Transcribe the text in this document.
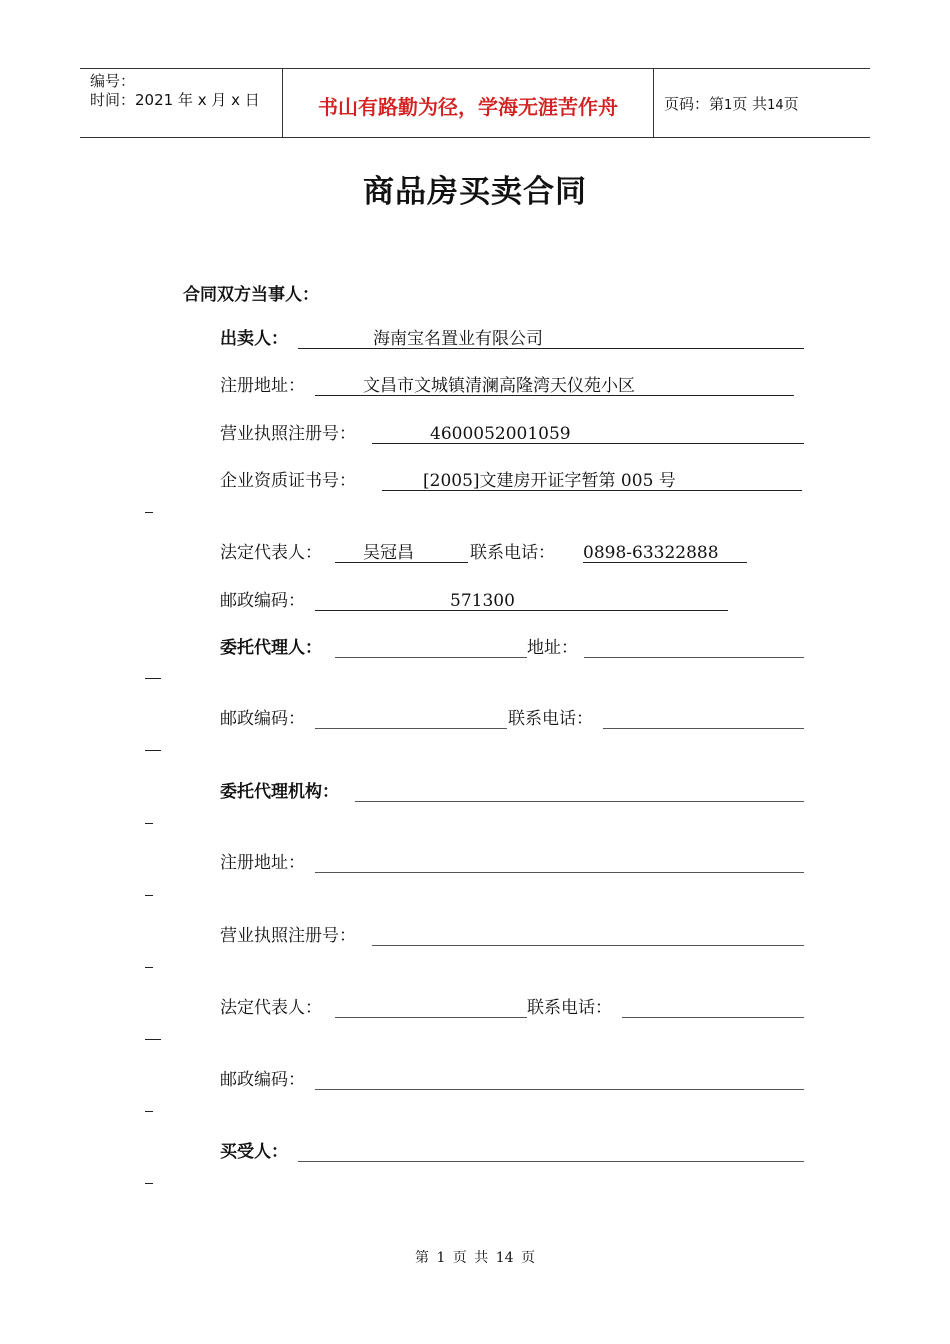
编号：
时间：2021 年 x 月 x 日	书山有路勤为径，学海无涯苦作舟	页码：第1页 共14页
商品房买卖合同
合同双方当事人：
出卖人：	海南宝名置业有限公司
注册地址：	文昌市文城镇清澜高隆湾天仪苑小区
营业执照注册号：	4600052001059
企业资质证书号：	[2005]文建房开证字暂第 005 号
法定代表人： 吴冠昌	联系电话： 0898-63322888
邮政编码：	571300
委托代理人：	地址：
邮政编码：	联系电话：
委托代理机构：
注册地址：
营业执照注册号：
法定代表人：	联系电话：
邮政编码：
买受人：
第 1 页 共 14 页
